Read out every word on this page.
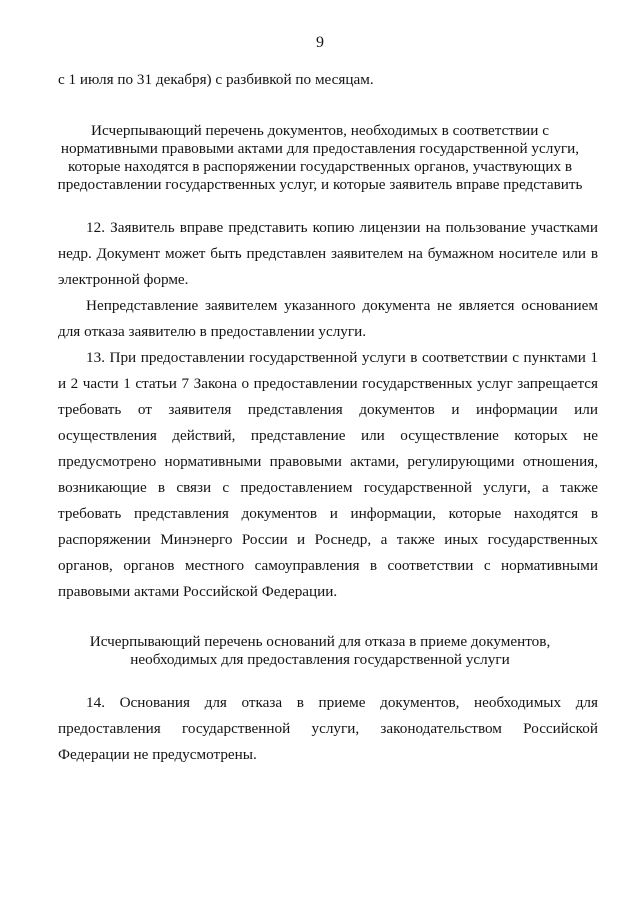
9
с 1 июля по 31 декабря) с разбивкой по месяцам.
Исчерпывающий перечень документов, необходимых в соответствии с
нормативными правовыми актами для предоставления государственной услуги,
которые находятся в распоряжении государственных органов, участвующих в
предоставлении государственных услуг, и которые заявитель вправе представить
12. Заявитель вправе представить копию лицензии на пользование участками
недр. Документ может быть представлен заявителем на бумажном носителе или в
электронной форме.
Непредставление заявителем указанного документа не является основанием
для отказа заявителю в предоставлении услуги.
13. При предоставлении государственной услуги в соответствии с пунктами 1
и 2 части 1 статьи 7 Закона о предоставлении государственных услуг запрещается
требовать от заявителя представления документов и информации или
осуществления действий, представление или осуществление которых не
предусмотрено нормативными правовыми актами, регулирующими отношения,
возникающие в связи с предоставлением государственной услуги, а также
требовать представления документов и информации, которые находятся в
распоряжении Минэнерго России и Роснедр, а также иных государственных
органов, органов местного самоуправления в соответствии с нормативными
правовыми актами Российской Федерации.
Исчерпывающий перечень оснований для отказа в приеме документов,
необходимых для предоставления государственной услуги
14. Основания для отказа в приеме документов, необходимых для
предоставления государственной услуги, законодательством Российской
Федерации не предусмотрены.
